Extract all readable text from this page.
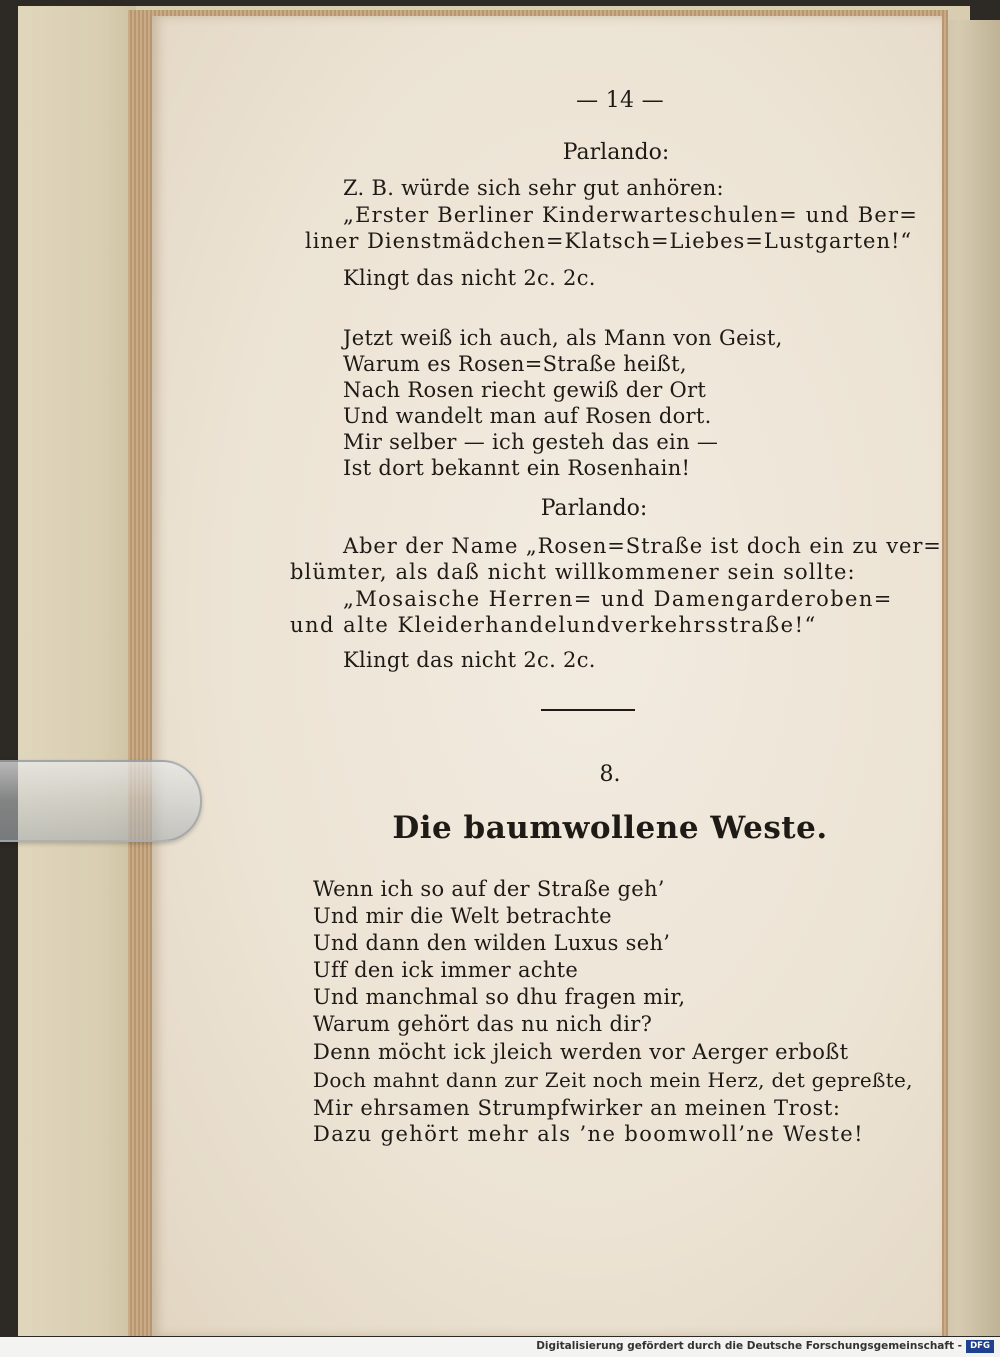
— 14 —
Parlando:
Z. B. würde sich sehr gut anhören:
„Erster Berliner Kinderwarteschulen= und Ber=
liner Dienstmädchen=Klatsch=Liebes=Lustgarten!“
Klingt das nicht 2c. 2c.
Jetzt weiß ich auch, als Mann von Geist,
Warum es Rosen=Straße heißt,
Nach Rosen riecht gewiß der Ort
Und wandelt man auf Rosen dort.
Mir selber — ich gesteh das ein —
Ist dort bekannt ein Rosenhain!
Parlando:
Aber der Name „Rosen=Straße ist doch ein zu ver=
blümter, als daß nicht willkommener sein sollte:
„Mosaische Herren= und Damengarderoben=
und alte Kleiderhandelundverkehrsstraße!“
Klingt das nicht 2c. 2c.
8.
Die baumwollene Weste.
Wenn ich so auf der Straße geh’
Und mir die Welt betrachte
Und dann den wilden Luxus seh’
Uff den ick immer achte
Und manchmal so dhu fragen mir,
Warum gehört das nu nich dir?
Denn möcht ick jleich werden vor Aerger erboßt
Doch mahnt dann zur Zeit noch mein Herz, det gepreßte,
Mir ehrsamen Strumpfwirker an meinen Trost:
Dazu gehört mehr als ’ne boomwoll’ne Weste!
Digitalisierung gefördert durch die Deutsche Forschungsgemeinschaft - DFG
